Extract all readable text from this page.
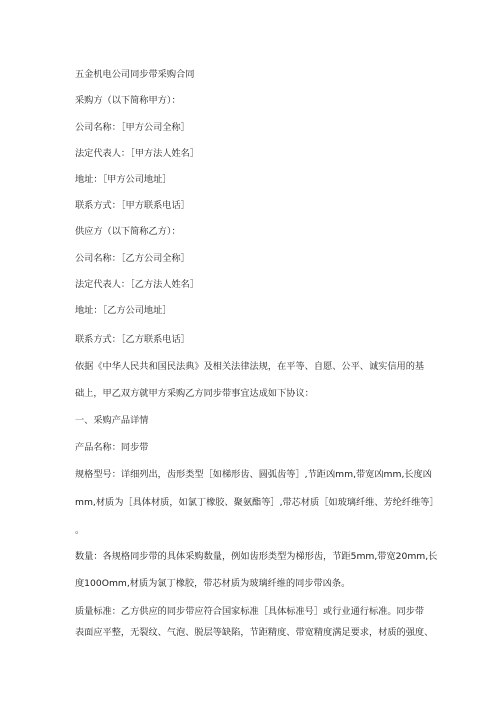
五金机电公司同步带采购合同
采购方（以下简称甲方）：
公司名称：［甲方公司全称］
法定代表人：［甲方法人姓名］
地址：［甲方公司地址］
联系方式：［甲方联系电话］
供应方（以下简称乙方）：
公司名称：［乙方公司全称］
法定代表人：［乙方法人姓名］
地址：［乙方公司地址］
联系方式：［乙方联系电话］
依据《中华人民共和国民法典》及相关法律法规，在平等、自愿、公平、诚实信用的基
础上，甲乙双方就甲方采购乙方同步带事宜达成如下协议：
一、采购产品详情
产品名称：同步带
规格型号：详细列出，齿形类型［如梯形齿、圆弧齿等］,节距凶mm,带宽凶mm,长度凶
mm,材质为［具体材质，如氯丁橡胶、聚氨酯等］,带芯材质［如玻璃纤维、芳纶纤维等］
。
数量：各规格同步带的具体采购数量，例如齿形类型为梯形齿，节距5mm,带宽20mm,长
度100Omm,材质为氯丁橡胶，带芯材质为玻璃纤维的同步带凶条。
质量标准：乙方供应的同步带应符合国家标准［具体标准号］或行业通行标准。同步带
表面应平整，无裂纹、气泡、脱层等缺陷，节距精度、带宽精度满足要求，材质的强度、
